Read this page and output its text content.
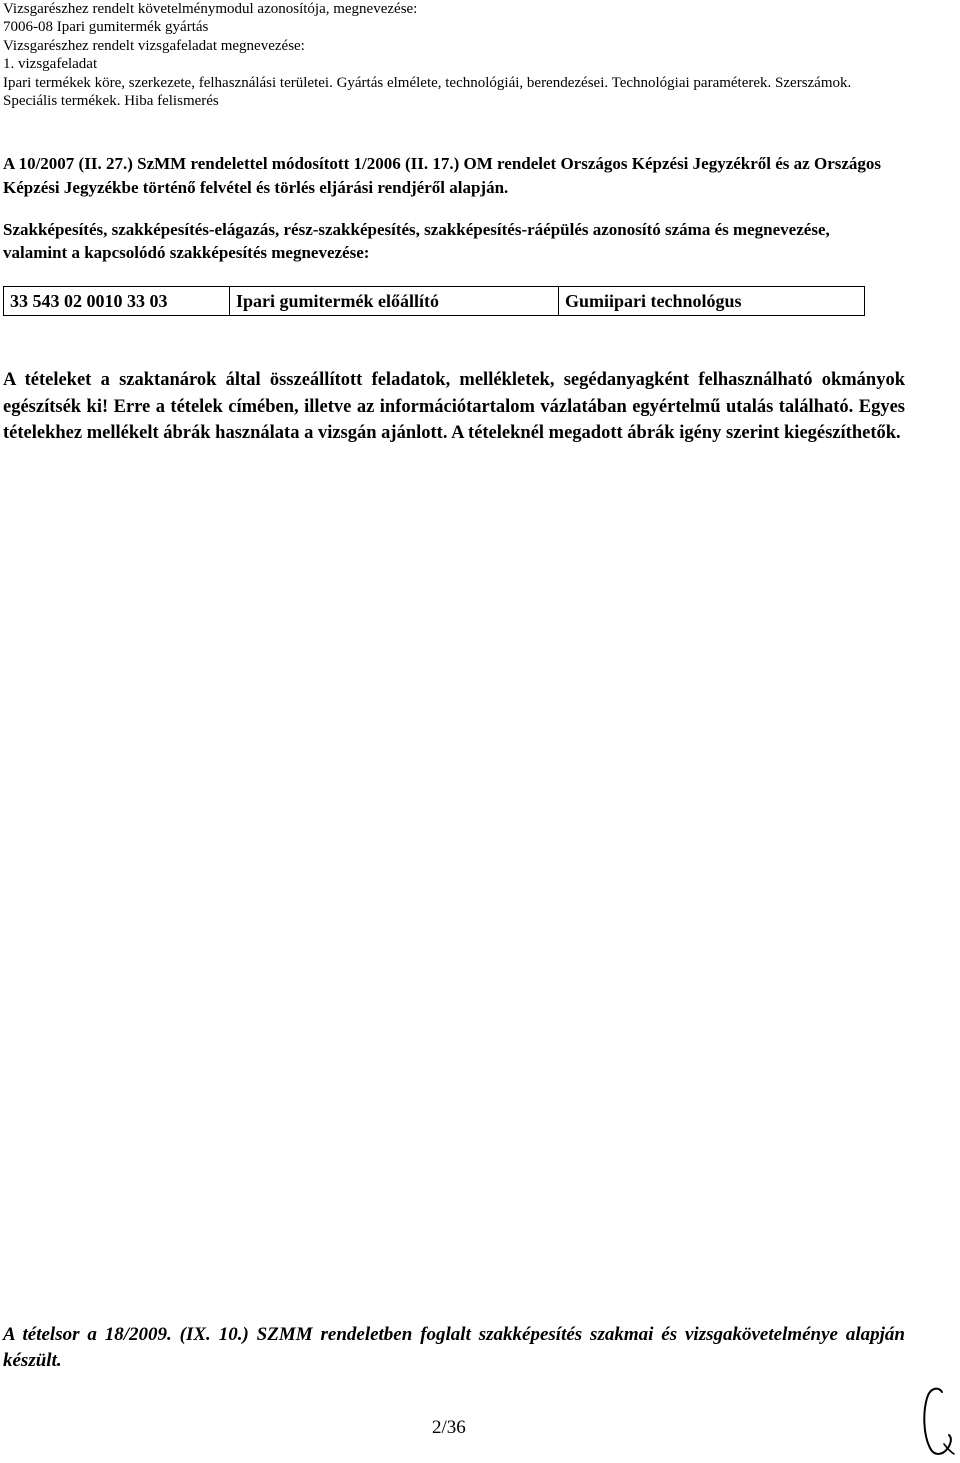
Vizsgarészhez rendelt követelménymodul azonosítója, megnevezése:
7006-08 Ipari gumitermék gyártás
Vizsgarészhez rendelt vizsgafeladat megnevezése:
1. vizsgafeladat
Ipari termékek köre, szerkezete, felhasználási területei. Gyártás elmélete, technológiái, berendezései. Technológiai paraméterek. Szerszámok.
Speciális termékek. Hiba felismerés

A 10/2007 (II. 27.) SzMM rendelettel módosított 1/2006 (II. 17.) OM rendelet Országos Képzési Jegyzékről és az Országos Képzési Jegyzékbe történő felvétel és törlés eljárási rendjéről alapján.

Szakképesítés, szakképesítés-elágazás, rész-szakképesítés, szakképesítés-ráépülés azonosító száma és megnevezése, valamint a kapcsolódó szakképesítés megnevezése:

33 543 02 0010 33 03	Ipari gumitermék előállító	Gumiipari technológus

A tételeket a szaktanárok által összeállított feladatok, mellékletek, segédanyagként felhasználható okmányok egészítsék ki! Erre a tételek címében, illetve az információtartalom vázlatában egyértelmű utalás található. Egyes tételekhez mellékelt ábrák használata a vizsgán ajánlott. A tételeknél megadott ábrák igény szerint kiegészíthetők.

A tételsor a 18/2009. (IX. 10.) SZMM rendeletben foglalt szakképesítés szakmai és vizsgakövetelménye alapján készült.

2/36
